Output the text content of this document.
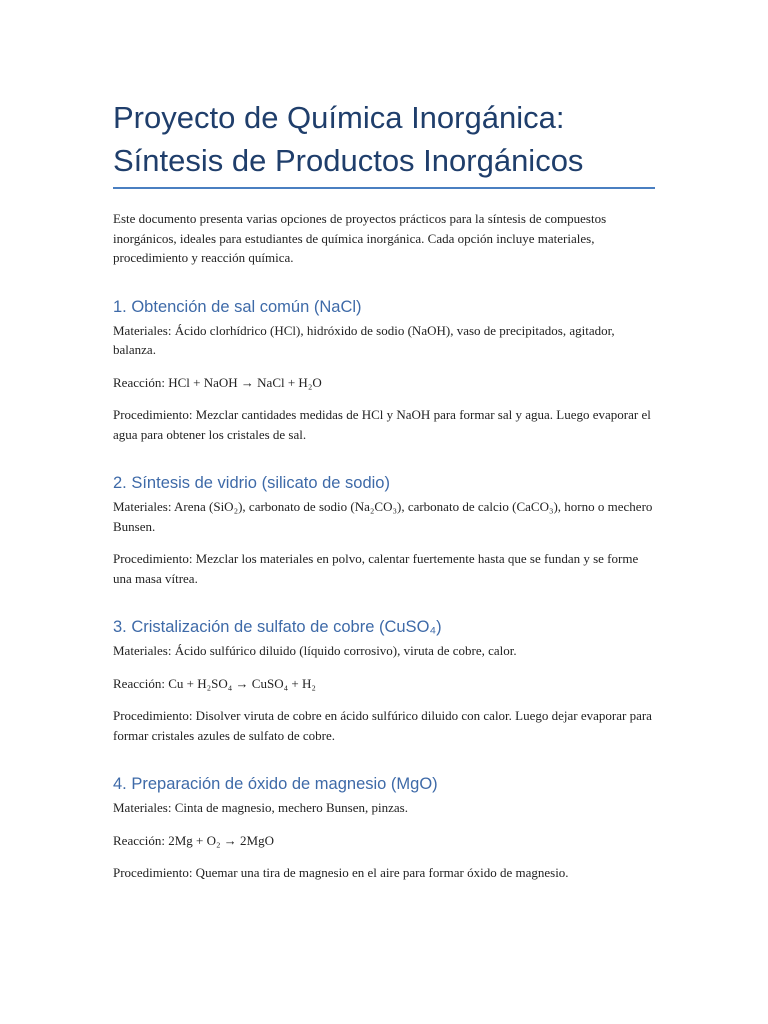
Proyecto de Química Inorgánica:
Síntesis de Productos Inorgánicos

Este documento presenta varias opciones de proyectos prácticos para la síntesis de compuestos inorgánicos, ideales para estudiantes de química inorgánica. Cada opción incluye materiales, procedimiento y reacción química.

1. Obtención de sal común (NaCl)

Materiales: Ácido clorhídrico (HCl), hidróxido de sodio (NaOH), vaso de precipitados, agitador, balanza.

Reacción: HCl + NaOH → NaCl + H₂O

Procedimiento: Mezclar cantidades medidas de HCl y NaOH para formar sal y agua. Luego evaporar el agua para obtener los cristales de sal.

2. Síntesis de vidrio (silicato de sodio)

Materiales: Arena (SiO₂), carbonato de sodio (Na₂CO₃), carbonato de calcio (CaCO₃), horno o mechero Bunsen.

Procedimiento: Mezclar los materiales en polvo, calentar fuertemente hasta que se fundan y se forme una masa vítrea.

3. Cristalización de sulfato de cobre (CuSO₄)

Materiales: Ácido sulfúrico diluido (líquido corrosivo), viruta de cobre, calor.

Reacción: Cu + H₂SO₄ → CuSO₄ + H₂

Procedimiento: Disolver viruta de cobre en ácido sulfúrico diluido con calor. Luego dejar evaporar para formar cristales azules de sulfato de cobre.

4. Preparación de óxido de magnesio (MgO)

Materiales: Cinta de magnesio, mechero Bunsen, pinzas.

Reacción: 2Mg + O₂ → 2MgO

Procedimiento: Quemar una tira de magnesio en el aire para formar óxido de magnesio.
